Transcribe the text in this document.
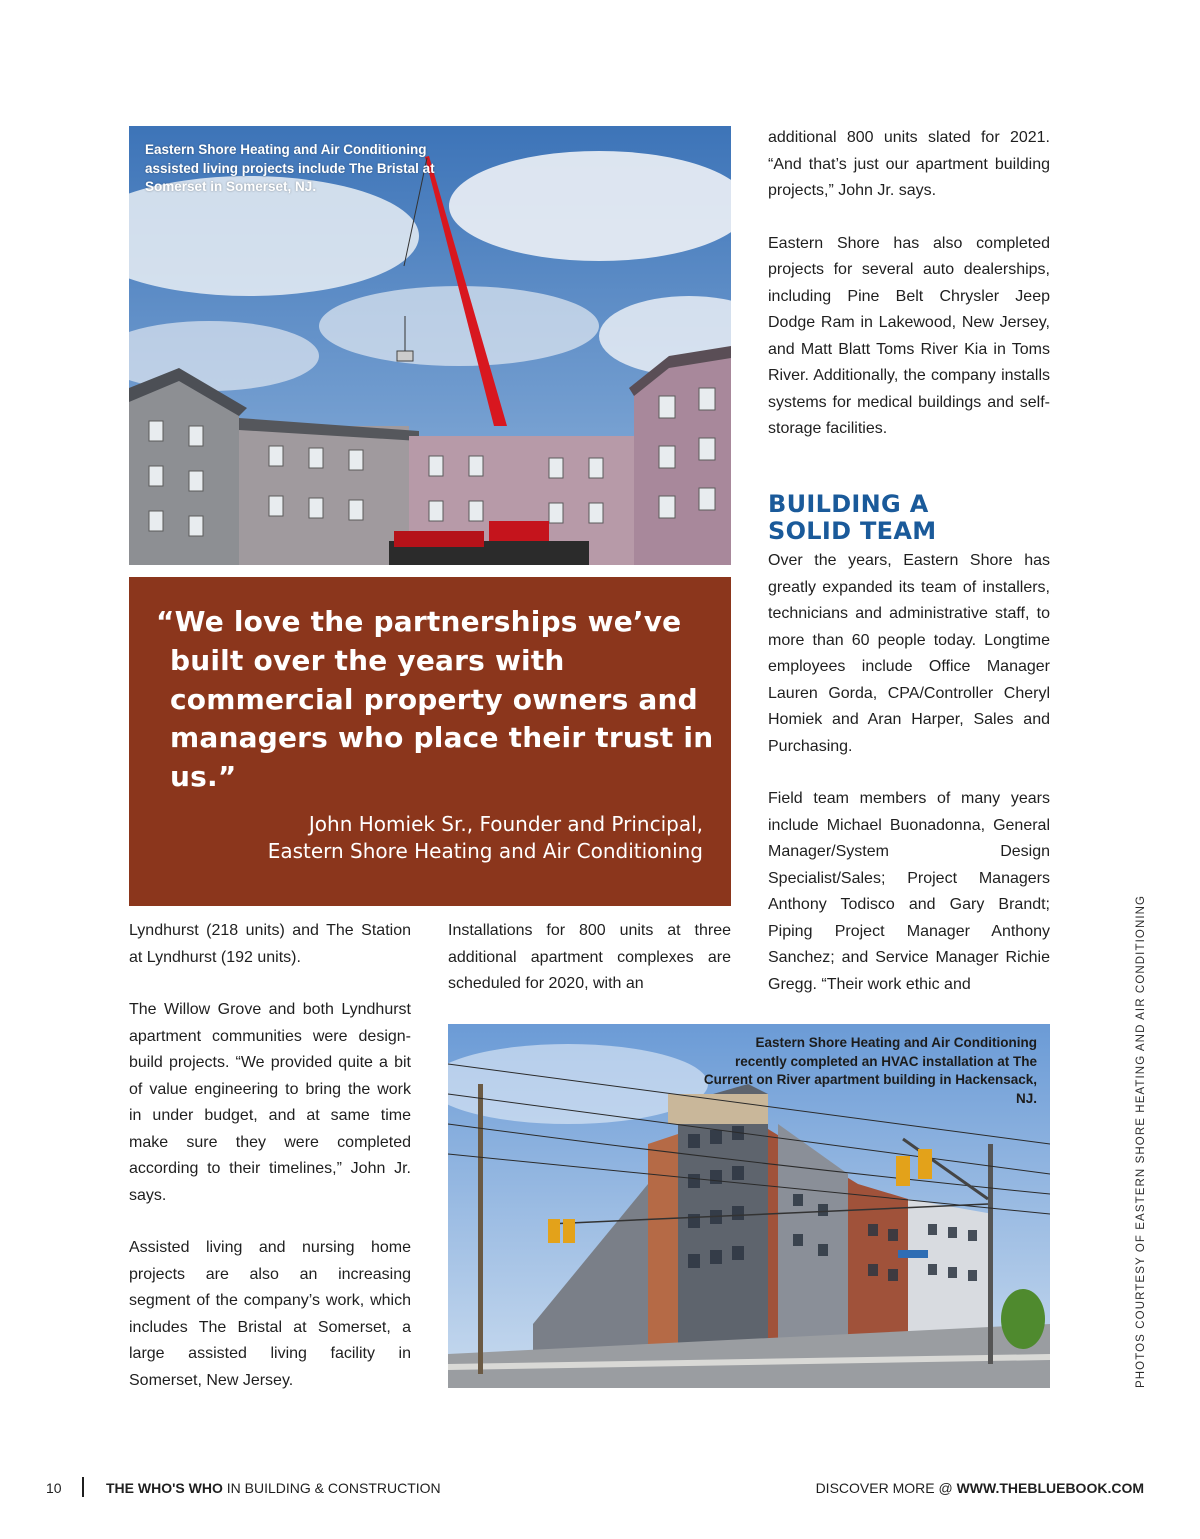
Eastern Shore Heating and Air Conditioning assisted living projects include The Bristal at Somerset in Somerset, NJ.
“We love the partnerships we’ve built over the years with commercial property owners and managers who place their trust in us.”
John Homiek Sr., Founder and Principal,
Eastern Shore Heating and Air Conditioning

Lyndhurst (218 units) and The Station at Lyndhurst (192 units).

The Willow Grove and both Lyndhurst apartment communities were design-build projects. “We provided quite a bit of value engineering to bring the work in under budget, and at same time make sure they were completed according to their timelines,” John Jr. says.

Assisted living and nursing home projects are also an increasing segment of the company’s work, which includes The Bristal at Somerset, a large assisted living facility in Somerset, New Jersey.

Installations for 800 units at three additional apartment complexes are scheduled for 2020, with an

additional 800 units slated for 2021. “And that’s just our apartment building projects,” John Jr. says.

Eastern Shore has also completed projects for several auto dealerships, including Pine Belt Chrysler Jeep Dodge Ram in Lakewood, New Jersey, and Matt Blatt Toms River Kia in Toms River. Additionally, the company installs systems for medical buildings and self-storage facilities.

BUILDING A
SOLID TEAM

Over the years, Eastern Shore has greatly expanded its team of installers, technicians and administrative staff, to more than 60 people today. Longtime employees include Office Manager Lauren Gorda, CPA/Controller Cheryl Homiek and Aran Harper, Sales and Purchasing.

Field team members of many years include Michael Buonadonna, General Manager/System Design Specialist/Sales; Project Managers Anthony Todisco and Gary Brandt; Piping Project Manager Anthony Sanchez; and Service Manager Richie Gregg. “Their work ethic and

Eastern Shore Heating and Air Conditioning recently completed an HVAC installation at The Current on River apartment building in Hackensack, NJ.	PHOTOS COURTESY OF EASTERN SHORE HEATING AND AIR CONDITIONING
10	THE WHO'S WHO IN BUILDING & CONSTRUCTION	DISCOVER MORE @ WWW.THEBLUEBOOK.COM
